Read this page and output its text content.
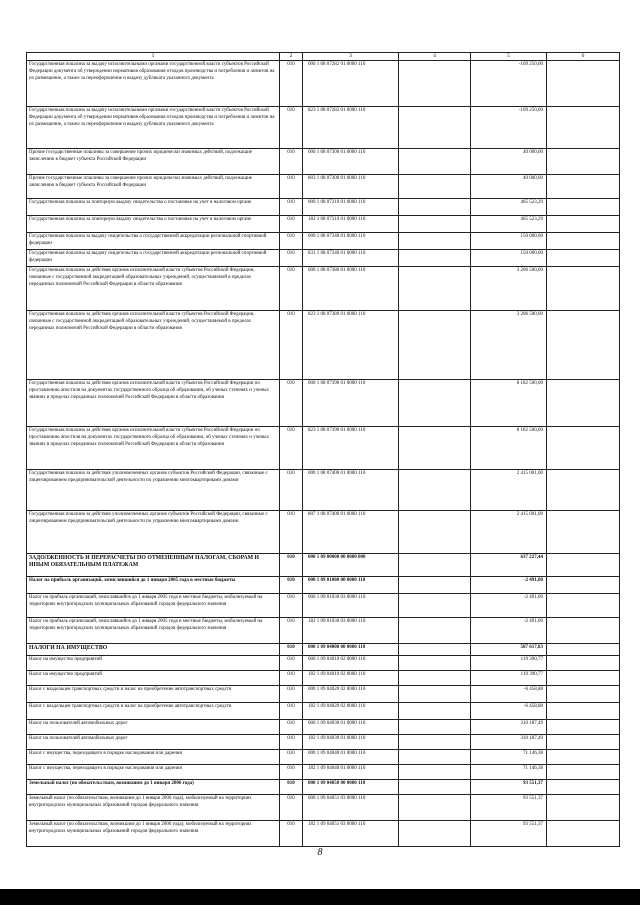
1	2	3	4	5	6
Государственная пошлина за выдачу исполнительными органами государственной власти субъектов Российской Федерации документа об утверждении нормативов образования отходов производства и потребления и лимитов на их размещение, а также за переоформление и выдачу дубликата указанного документа	010	000 1 08 07282 01 0000 110		-169 250,00	
Государственная пошлина за выдачу исполнительными органами государственной власти субъектов Российской Федерации документа об утверждении нормативов образования отходов производства и потребления и лимитов на их размещение, а также за переоформление и выдачу дубликата указанного документа	010	823 1 08 07282 01 0000 110		-169 250,00	
Прочие государственные пошлины за совершение прочих юридически значимых действий, подлежащие зачислению в бюджет субъекта Российской Федерации	010	000 1 08 07300 01 0000 110		40 000,00	
Прочие государственные пошлины за совершение прочих юридически значимых действий, подлежащие зачислению в бюджет субъекта Российской Федерации	010	803 1 08 07300 01 0000 110		40 000,00	
Государственная пошлина за повторную выдачу свидетельства о постановке на учет в налоговом органе	010	000 1 08 07310 01 0000 110		465 523,29	
Государственная пошлина за повторную выдачу свидетельства о постановке на учет в налоговом органе	010	182 1 08 07310 01 0000 110		465 523,29	
Государственная пошлина за выдачу свидетельства о государственной аккредитации региональной спортивной федерации	010	000 1 08 07340 01 0000 110		150 000,00	
Государственная пошлина за выдачу свидетельства о государственной аккредитации региональной спортивной федерации	010	831 1 08 07340 01 0000 110		150 000,00	
Государственная пошлина за действия органов исполнительной власти субъектов Российской Федерации, связанные с государственной аккредитацией образовательных учреждений, осуществляемой в пределах переданных полномочий Российской Федерации в области образования	010	000 1 08 07380 01 0000 110		3 206 500,00	
Государственная пошлина за действия органов исполнительной власти субъектов Российской Федерации, связанные с государственной аккредитацией образовательных учреждений, осуществляемой в пределах переданных полномочий Российской Федерации в области образования	010	823 1 08 07380 01 0000 110		3 206 500,00	
Государственная пошлина за действия органов исполнительной власти субъектов Российской Федерации по проставлению апостиля на документах государственного образца об образовании, об ученых степенях и ученых званиях в пределах переданных полномочий Российской Федерации в области образования	010	000 1 08 07390 01 0000 110		8 182 500,00	
Государственная пошлина за действия органов исполнительной власти субъектов Российской Федерации по проставлению апостиля на документах государственного образца об образовании, об ученых степенях и ученых званиях в пределах переданных полномочий Российской Федерации в области образования	010	823 1 08 07390 01 0000 110		8 182 500,00	
Государственная пошлина за действия уполномоченных органов субъектов Российской Федерации, связанные с лицензированием предпринимательской деятельности по управлению многоквартирными домами	010	000 1 08 07400 01 0000 110		2 415 001,00	
Государственная пошлина за действия уполномоченных органов субъектов Российской Федерации, связанные с лицензированием предпринимательской деятельности по управлению многоквартирными домами	010	807 1 08 07400 01 0000 110		2 415 001,00	
ЗАДОЛЖЕННОСТЬ И ПЕРЕРАСЧЕТЫ ПО ОТМЕНЕННЫМ НАЛОГАМ, СБОРАМ И ИНЫМ ОБЯЗАТЕЛЬНЫМ ПЛАТЕЖАМ	010	000 1 09 00000 00 0000 000		637 227,44	
Налог на прибыль организаций, зачислявшийся до 1 января 2005 года в местные бюджеты	010	000 1 09 01000 00 0000 110		-2 491,00	
Налог на прибыль организаций, зачислявшийся до 1 января 2005 года в местные бюджеты, мобилизуемый на территориях внутригородских муниципальных образований городов федерального значения	010	000 1 09 01030 03 0000 110		-2 491,00	
Налог на прибыль организаций, зачислявшийся до 1 января 2005 года в местные бюджеты, мобилизуемый на территориях внутригородских муниципальных образований городов федерального значения	010	182 1 09 01030 03 0000 110		-2 491,00	
НАЛОГИ НА ИМУЩЕСТВО	010	000 1 09 04000 00 0000 110		587 617,83	
Налог на имущество предприятий	010	000 1 09 04010 02 0000 110		119 390,77	
Налог на имущество предприятий	010	182 1 09 04010 02 0000 110		119 390,77	
Налог с владельцев транспортных средств и налог на приобретение автотранспортных средств	010	000 1 09 04020 02 0000 110		-6 458,88	
Налог с владельцев транспортных средств и налог на приобретение автотранспортных средств	010	182 1 09 04020 02 0000 110		-6 458,88	
Налог на пользователей автомобильных дорог	010	000 1 09 04030 01 0000 110		310 187,49	
Налог на пользователей автомобильных дорог	010	182 1 09 04030 01 0000 110		310 187,49	
Налог с имущества, переходящего в порядке наследования или дарения	010	000 1 09 04040 01 0000 110		71 146,38	
Налог с имущества, переходящего в порядке наследования или дарения	010	182 1 09 04040 01 0000 110		71 146,38	
Земельный налог (по обязательствам, возникшим до 1 января 2006 года)	010	000 1 09 04050 00 0000 110		93 551,37	
Земельный налог (по обязательствам, возникшим до 1 января 2006 года), мобилизуемый на территориях внутригородских муниципальных образований городов федерального значения	010	000 1 09 04051 03 0000 110		93 551,37	
Земельный налог (по обязательствам, возникшим до 1 января 2006 года), мобилизуемый на территориях внутригородских муниципальных образований городов федерального значения	010	182 1 09 04051 03 0000 110		93 551,37	
8
